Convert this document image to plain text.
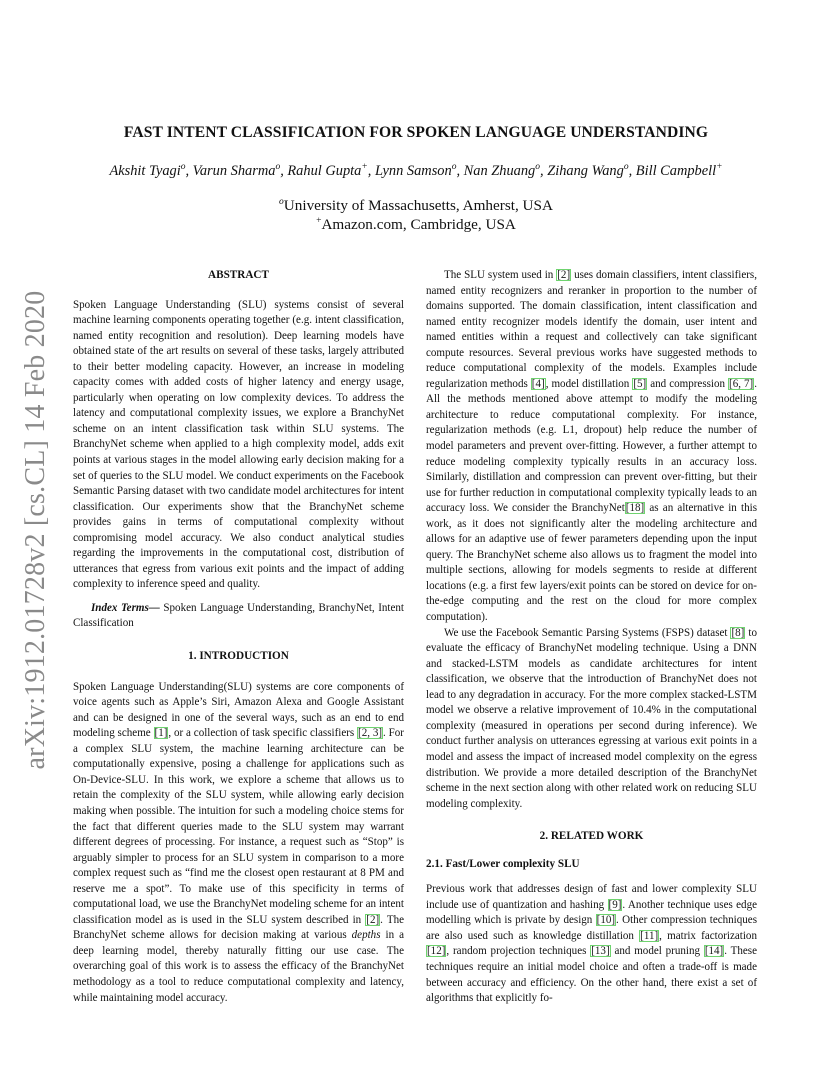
arXiv:1912.01728v2 [cs.CL] 14 Feb 2020
FAST INTENT CLASSIFICATION FOR SPOKEN LANGUAGE UNDERSTANDING
Akshit Tyagi$^o$, Varun Sharma$^o$, Rahul Gupta+, Lynn Samson$^o$, Nan Zhuang$^o$, Zihang Wang$^o$, Bill Campbell+
$^o$University of Massachusetts, Amherst, USA
+Amazon.com, Cambridge, USA

ABSTRACT

Spoken Language Understanding (SLU) systems consist of several machine learning components operating together (e.g. intent classification, named entity recognition and resolution). Deep learning models have obtained state of the art results on several of these tasks, largely attributed to their better modeling capacity. However, an increase in modeling capacity comes with added costs of higher latency and energy usage, particularly when operating on low complexity devices. To address the latency and computational complexity issues, we explore a BranchyNet scheme on an intent classification task within SLU systems. The BranchyNet scheme when applied to a high complexity model, adds exit points at various stages in the model allowing early decision making for a set of queries to the SLU model. We conduct experiments on the Facebook Semantic Parsing dataset with two candidate model architectures for intent classification. Our experiments show that the BranchyNet scheme provides gains in terms of computational complexity without compromising model accuracy. We also conduct analytical studies regarding the improvements in the computational cost, distribution of utterances that egress from various exit points and the impact of adding complexity to inference speed and quality.

Index Terms— Spoken Language Understanding, BranchyNet, Intent Classification

1. INTRODUCTION

Spoken Language Understanding(SLU) systems are core components of voice agents such as Apple’s Siri, Amazon Alexa and Google Assistant and can be designed in one of the several ways, such as an end to end modeling scheme [1], or a collection of task specific classifiers [2, 3]. For a complex SLU system, the machine learning architecture can be computationally expensive, posing a challenge for applications such as On-Device-SLU. In this work, we explore a scheme that allows us to retain the complexity of the SLU system, while allowing early decision making when possible. The intuition for such a modeling choice stems for the fact that different queries made to the SLU system may warrant different degrees of processing. For instance, a request such as “Stop” is arguably simpler to process for an SLU system in comparison to a more complex request such as “find me the closest open restaurant at 8 PM and reserve me a spot”. To make use of this specificity in terms of computational load, we use the BranchyNet modeling scheme for an intent classification model as is used in the SLU system described in [2]. The BranchyNet scheme allows for decision making at various depths in a deep learning model, thereby naturally fitting our use case. The overarching goal of this work is to assess the efficacy of the BranchyNet methodology as a tool to reduce computational complexity and latency, while maintaining model accuracy.

The SLU system used in [2] uses domain classifiers, intent classifiers, named entity recognizers and reranker in proportion to the number of domains supported. The domain classification, intent classification and named entity recognizer models identify the domain, user intent and named entities within a request and collectively can take significant compute resources. Several previous works have suggested methods to reduce computational complexity of the models. Examples include regularization methods [4], model distillation [5] and compression [6, 7]. All the methods mentioned above attempt to modify the modeling architecture to reduce computational complexity. For instance, regularization methods (e.g. L1, dropout) help reduce the number of model parameters and prevent over-fitting. However, a further attempt to reduce modeling complexity typically results in an accuracy loss. Similarly, distillation and compression can prevent over-fitting, but their use for further reduction in computational complexity typically leads to an accuracy loss. We consider the BranchyNet[18] as an alternative in this work, as it does not significantly alter the modeling architecture and allows for an adaptive use of fewer parameters depending upon the input query. The BranchyNet scheme also allows us to fragment the model into multiple sections, allowing for models segments to reside at different locations (e.g. a first few layers/exit points can be stored on device for on-the-edge computing and the rest on the cloud for more complex computation).

We use the Facebook Semantic Parsing Systems (FSPS) dataset [8] to evaluate the efficacy of BranchyNet modeling technique. Using a DNN and stacked-LSTM models as candidate architectures for intent classification, we observe that the introduction of BranchyNet does not lead to any degradation in accuracy. For the more complex stacked-LSTM model we observe a relative improvement of 10.4% in the computational complexity (measured in operations per second during inference). We conduct further analysis on utterances egressing at various exit points in a model and assess the impact of increased model complexity on the egress distribution. We provide a more detailed description of the BranchyNet scheme in the next section along with other related work on reducing SLU modeling complexity.

2. RELATED WORK

2.1. Fast/Lower complexity SLU

Previous work that addresses design of fast and lower complexity SLU include use of quantization and hashing [9]. Another technique uses edge modelling which is private by design [10]. Other compression techniques are also used such as knowledge distillation [11], matrix factorization [12], random projection techniques [13] and model pruning [14]. These techniques require an initial model choice and often a trade-off is made between accuracy and efficiency. On the other hand, there exist a set of algorithms that explicitly fo-
